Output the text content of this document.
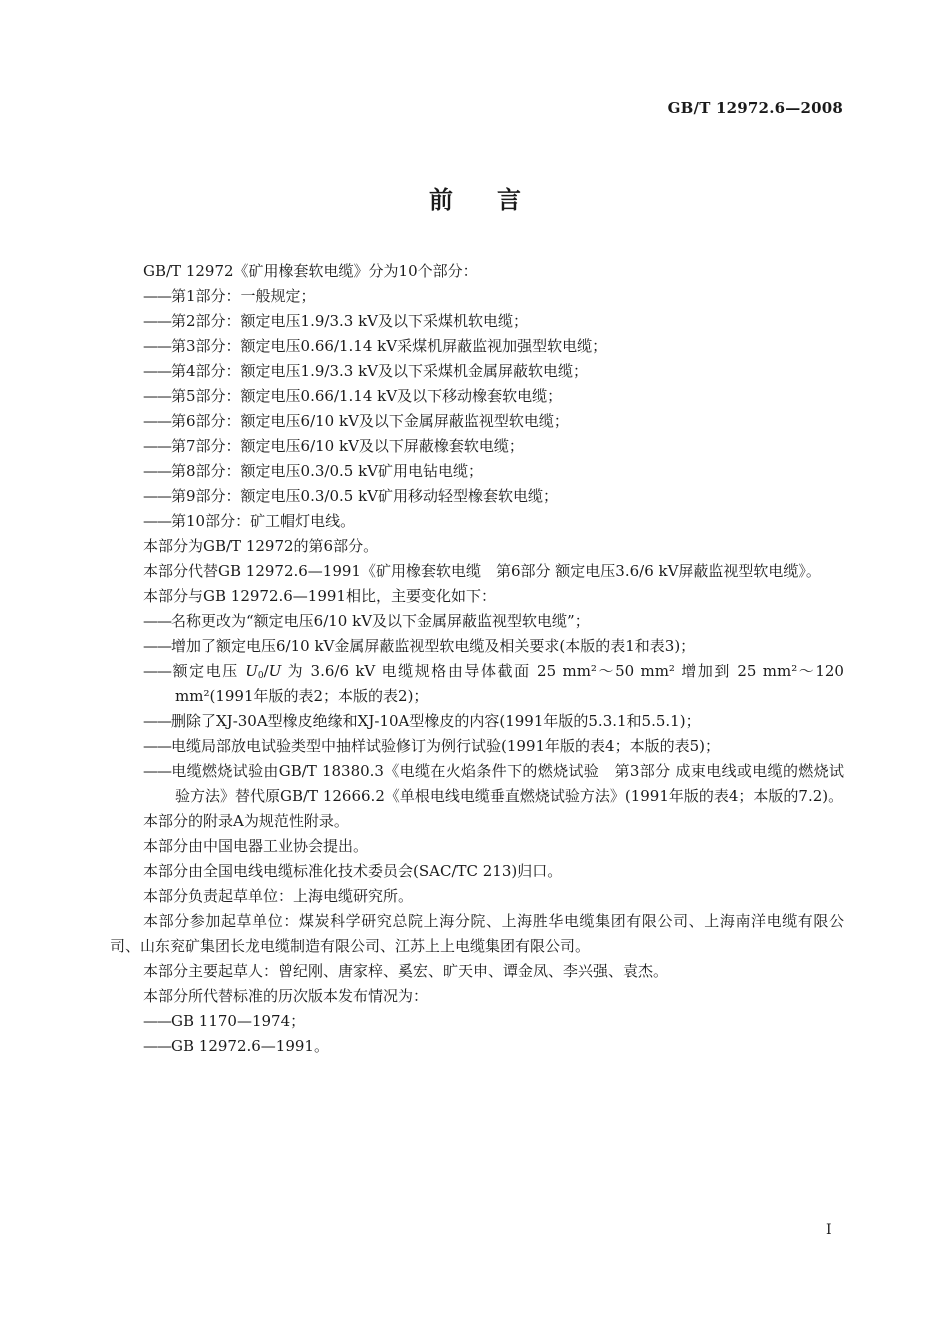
GB/T 12972.6—2008
前言

GB/T 12972《矿用橡套软电缆》分为10个部分：

——第1部分：一般规定；

——第2部分：额定电压1.9/3.3 kV及以下采煤机软电缆；

——第3部分：额定电压0.66/1.14 kV采煤机屏蔽监视加强型软电缆；

——第4部分：额定电压1.9/3.3 kV及以下采煤机金属屏蔽软电缆；

——第5部分：额定电压0.66/1.14 kV及以下移动橡套软电缆；

——第6部分：额定电压6/10 kV及以下金属屏蔽监视型软电缆；

——第7部分：额定电压6/10 kV及以下屏蔽橡套软电缆；

——第8部分：额定电压0.3/0.5 kV矿用电钻电缆；

——第9部分：额定电压0.3/0.5 kV矿用移动轻型橡套软电缆；

——第10部分：矿工帽灯电线。

本部分为GB/T 12972的第6部分。

本部分代替GB 12972.6—1991《矿用橡套软电缆　第6部分 额定电压3.6/6 kV屏蔽监视型软电缆》。

本部分与GB 12972.6—1991相比，主要变化如下：

——名称更改为“额定电压6/10 kV及以下金属屏蔽监视型软电缆”；

——增加了额定电压6/10 kV金属屏蔽监视型软电缆及相关要求(本版的表1和表3)；

——额定电压 $U_0/U$ 为 3.6/6 kV 电缆规格由导体截面 25 mm²～50 mm² 增加到 25 mm²～120 mm²(1991年版的表2；本版的表2)；

——删除了XJ-30A型橡皮绝缘和XJ-10A型橡皮的内容(1991年版的5.3.1和5.5.1)；

——电缆局部放电试验类型中抽样试验修订为例行试验(1991年版的表4；本版的表5)；

——电缆燃烧试验由GB/T 18380.3《电缆在火焰条件下的燃烧试验　第3部分 成束电线或电缆的燃烧试验方法》替代原GB/T 12666.2《单根电线电缆垂直燃烧试验方法》(1991年版的表4；本版的7.2)。

本部分的附录A为规范性附录。

本部分由中国电器工业协会提出。

本部分由全国电线电缆标准化技术委员会(SAC/TC 213)归口。

本部分负责起草单位：上海电缆研究所。

本部分参加起草单位：煤炭科学研究总院上海分院、上海胜华电缆集团有限公司、上海南洋电缆有限公司、山东兖矿集团长龙电缆制造有限公司、江苏上上电缆集团有限公司。

本部分主要起草人：曾纪刚、唐家梓、奚宏、旷天申、谭金凤、李兴强、袁杰。

本部分所代替标准的历次版本发布情况为：

——GB 1170—1974；

——GB 12972.6—1991。

I
